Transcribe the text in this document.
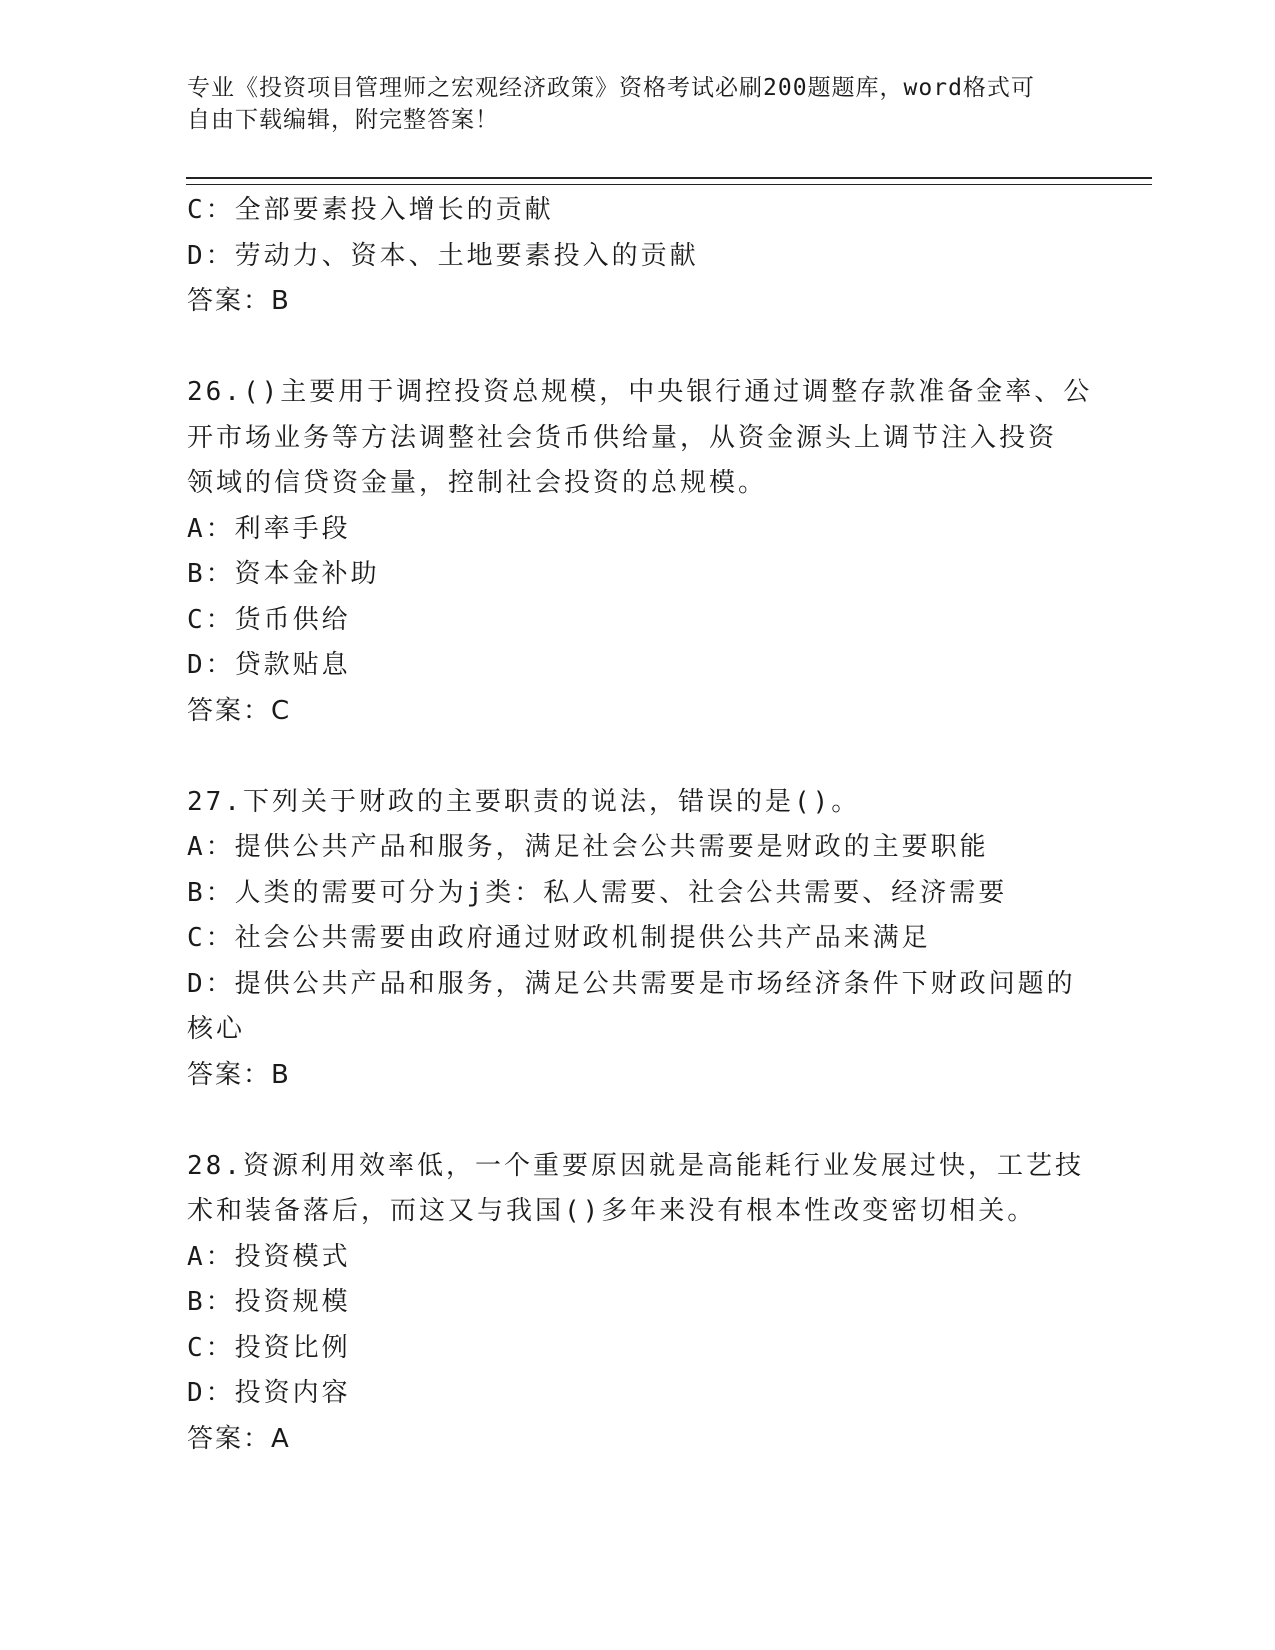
专业《投资项目管理师之宏观经济政策》资格考试必刷200题题库，word格式可
自由下载编辑，附完整答案！
C：全部要素投入增长的贡献
D：劳动力、资本、土地要素投入的贡献
答案：B
26.()主要用于调控投资总规模，中央银行通过调整存款准备金率、公
开市场业务等方法调整社会货币供给量，从资金源头上调节注入投资
领域的信贷资金量，控制社会投资的总规模。
A：利率手段
B：资本金补助
C：货币供给
D：贷款贴息
答案：C
27.下列关于财政的主要职责的说法，错误的是()。
A：提供公共产品和服务，满足社会公共需要是财政的主要职能
B：人类的需要可分为j类：私人需要、社会公共需要、经济需要
C：社会公共需要由政府通过财政机制提供公共产品来满足
D：提供公共产品和服务，满足公共需要是市场经济条件下财政问题的
核心
答案：B
28.资源利用效率低，一个重要原因就是高能耗行业发展过快，工艺技
术和装备落后，而这又与我国()多年来没有根本性改变密切相关。
A：投资模式
B：投资规模
C：投资比例
D：投资内容
答案：A
